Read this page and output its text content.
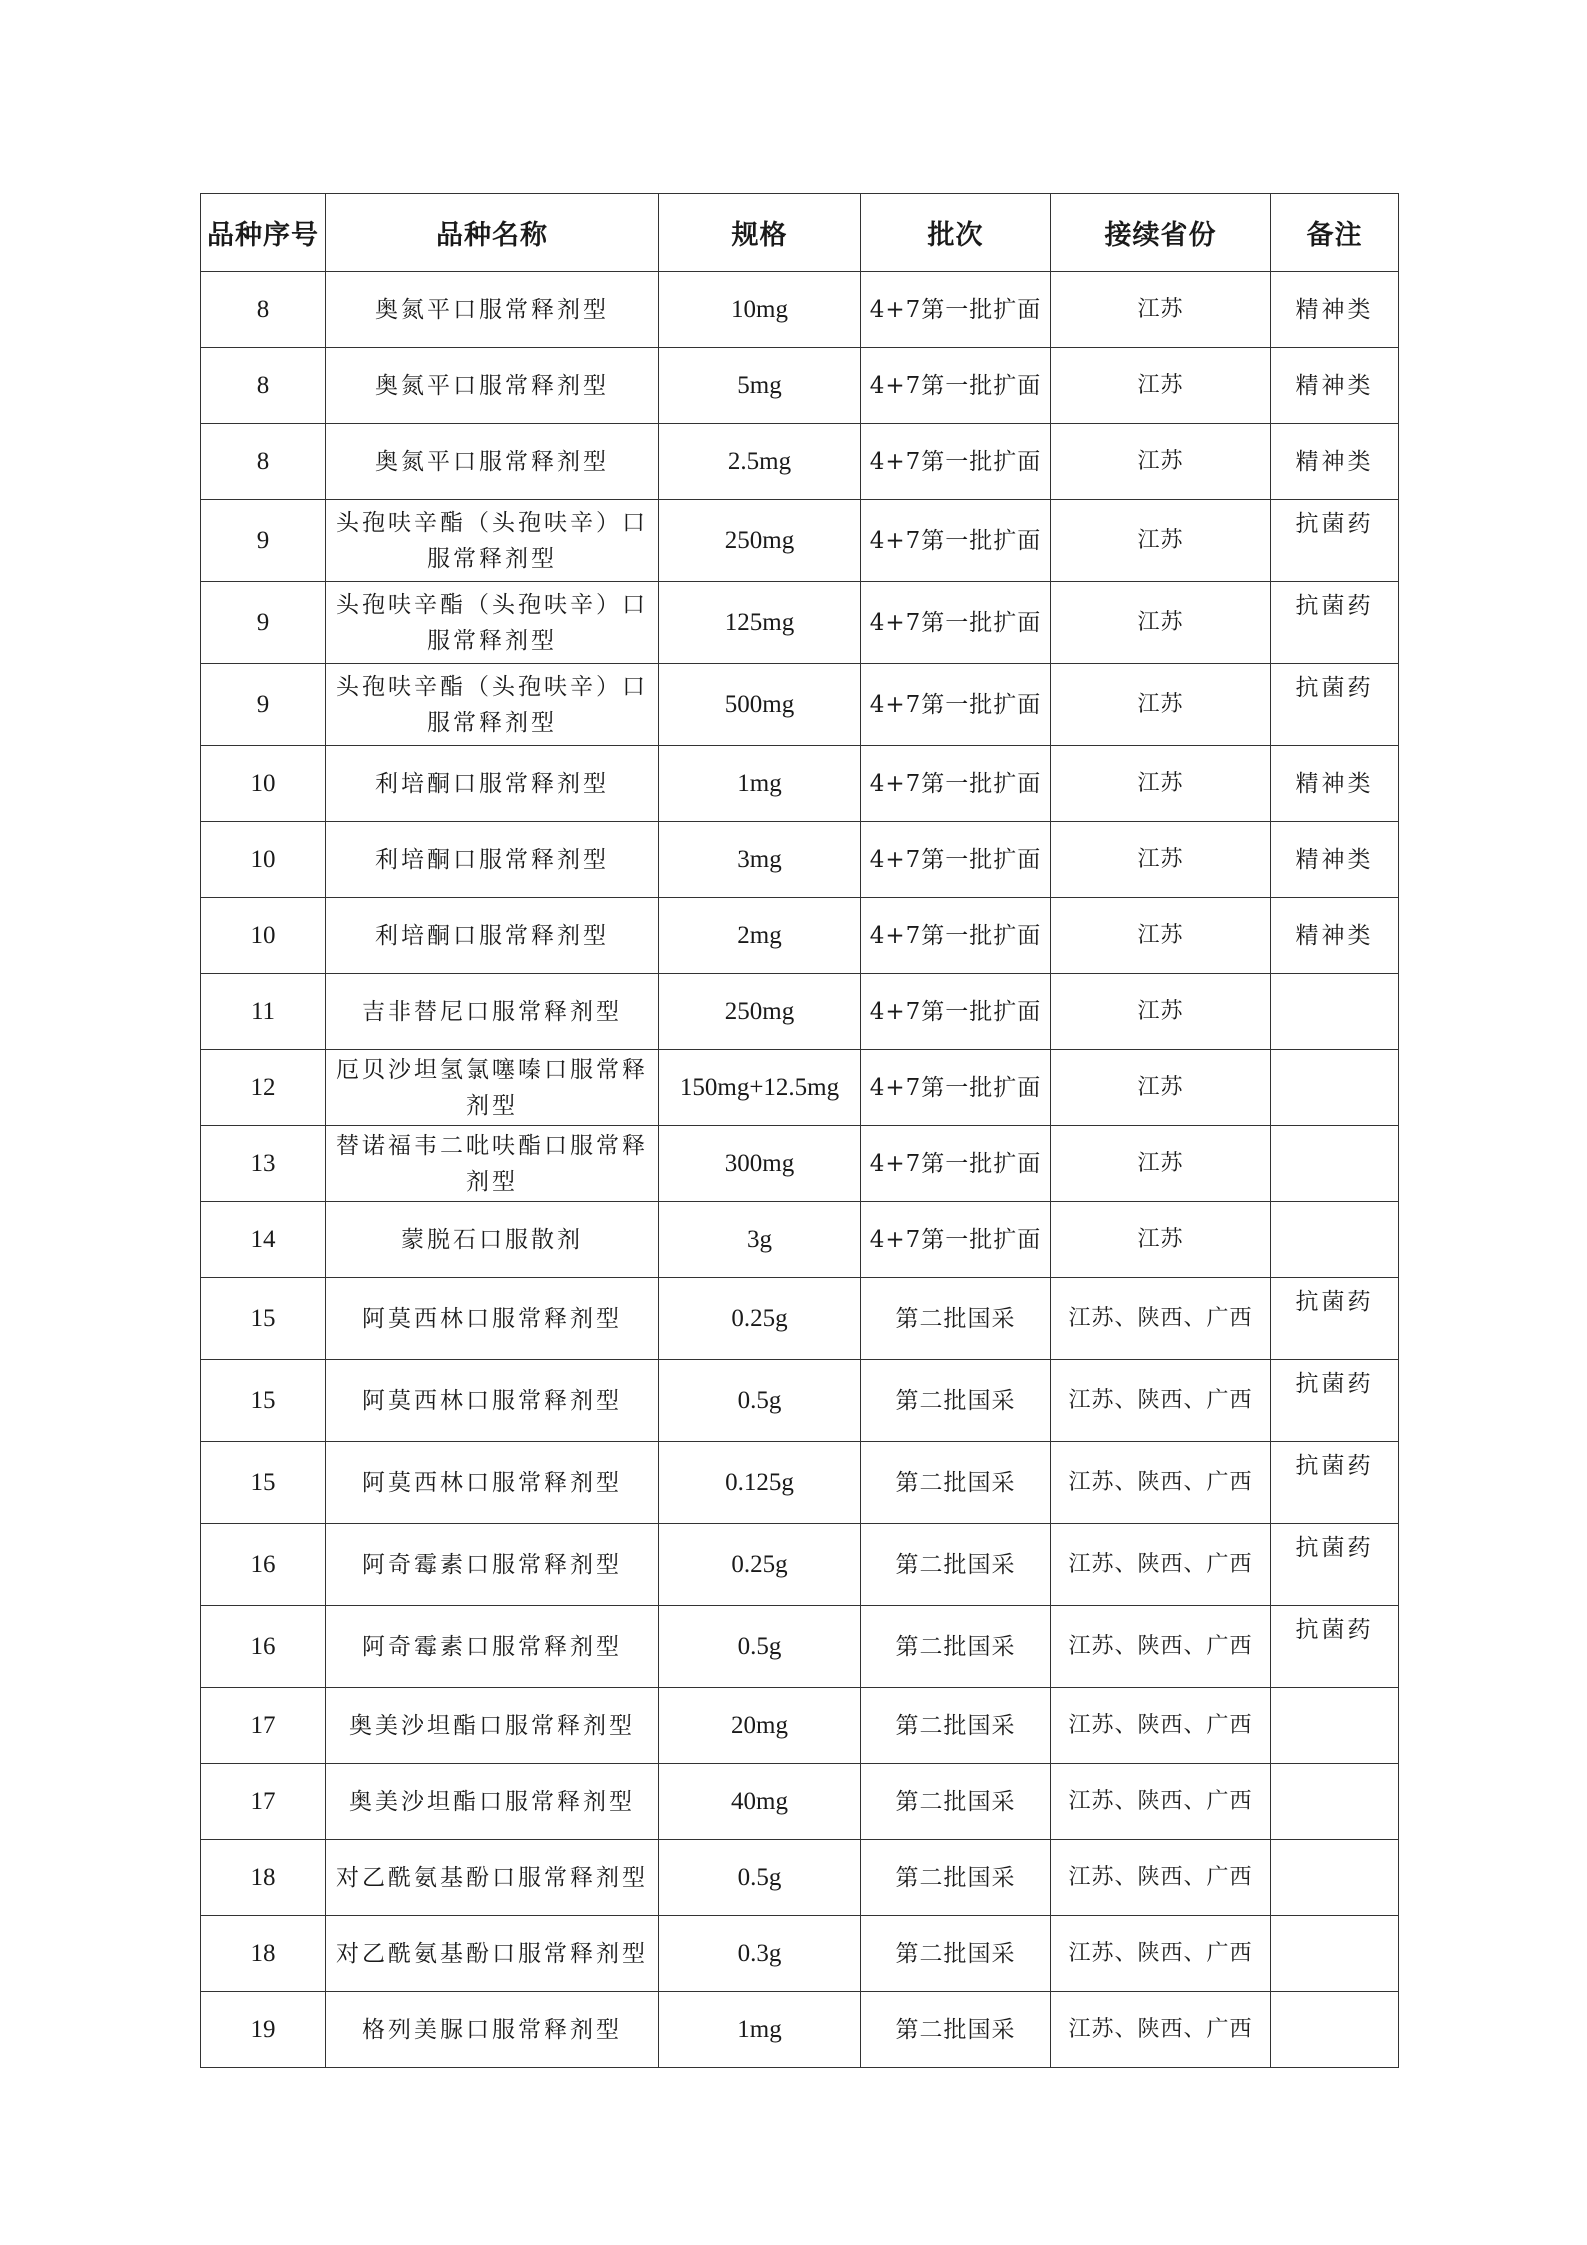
品种序号	品种名称	规格	批次	接续省份	备注
8	奥氮平口服常释剂型	10mg	4+7第一批扩面	江苏	精神类
8	奥氮平口服常释剂型	5mg	4+7第一批扩面	江苏	精神类
8	奥氮平口服常释剂型	2.5mg	4+7第一批扩面	江苏	精神类
9	头孢呋辛酯（头孢呋辛）口服常释剂型	250mg	4+7第一批扩面	江苏	抗菌药
9	头孢呋辛酯（头孢呋辛）口服常释剂型	125mg	4+7第一批扩面	江苏	抗菌药
9	头孢呋辛酯（头孢呋辛）口服常释剂型	500mg	4+7第一批扩面	江苏	抗菌药
10	利培酮口服常释剂型	1mg	4+7第一批扩面	江苏	精神类
10	利培酮口服常释剂型	3mg	4+7第一批扩面	江苏	精神类
10	利培酮口服常释剂型	2mg	4+7第一批扩面	江苏	精神类
11	吉非替尼口服常释剂型	250mg	4+7第一批扩面	江苏	
12	厄贝沙坦氢氯噻嗪口服常释剂型	150mg+12.5mg	4+7第一批扩面	江苏	
13	替诺福韦二吡呋酯口服常释剂型	300mg	4+7第一批扩面	江苏	
14	蒙脱石口服散剂	3g	4+7第一批扩面	江苏	
15	阿莫西林口服常释剂型	0.25g	第二批国采	江苏、陕西、广西	抗菌药
15	阿莫西林口服常释剂型	0.5g	第二批国采	江苏、陕西、广西	抗菌药
15	阿莫西林口服常释剂型	0.125g	第二批国采	江苏、陕西、广西	抗菌药
16	阿奇霉素口服常释剂型	0.25g	第二批国采	江苏、陕西、广西	抗菌药
16	阿奇霉素口服常释剂型	0.5g	第二批国采	江苏、陕西、广西	抗菌药
17	奥美沙坦酯口服常释剂型	20mg	第二批国采	江苏、陕西、广西	
17	奥美沙坦酯口服常释剂型	40mg	第二批国采	江苏、陕西、广西	
18	对乙酰氨基酚口服常释剂型	0.5g	第二批国采	江苏、陕西、广西	
18	对乙酰氨基酚口服常释剂型	0.3g	第二批国采	江苏、陕西、广西	
19	格列美脲口服常释剂型	1mg	第二批国采	江苏、陕西、广西	
